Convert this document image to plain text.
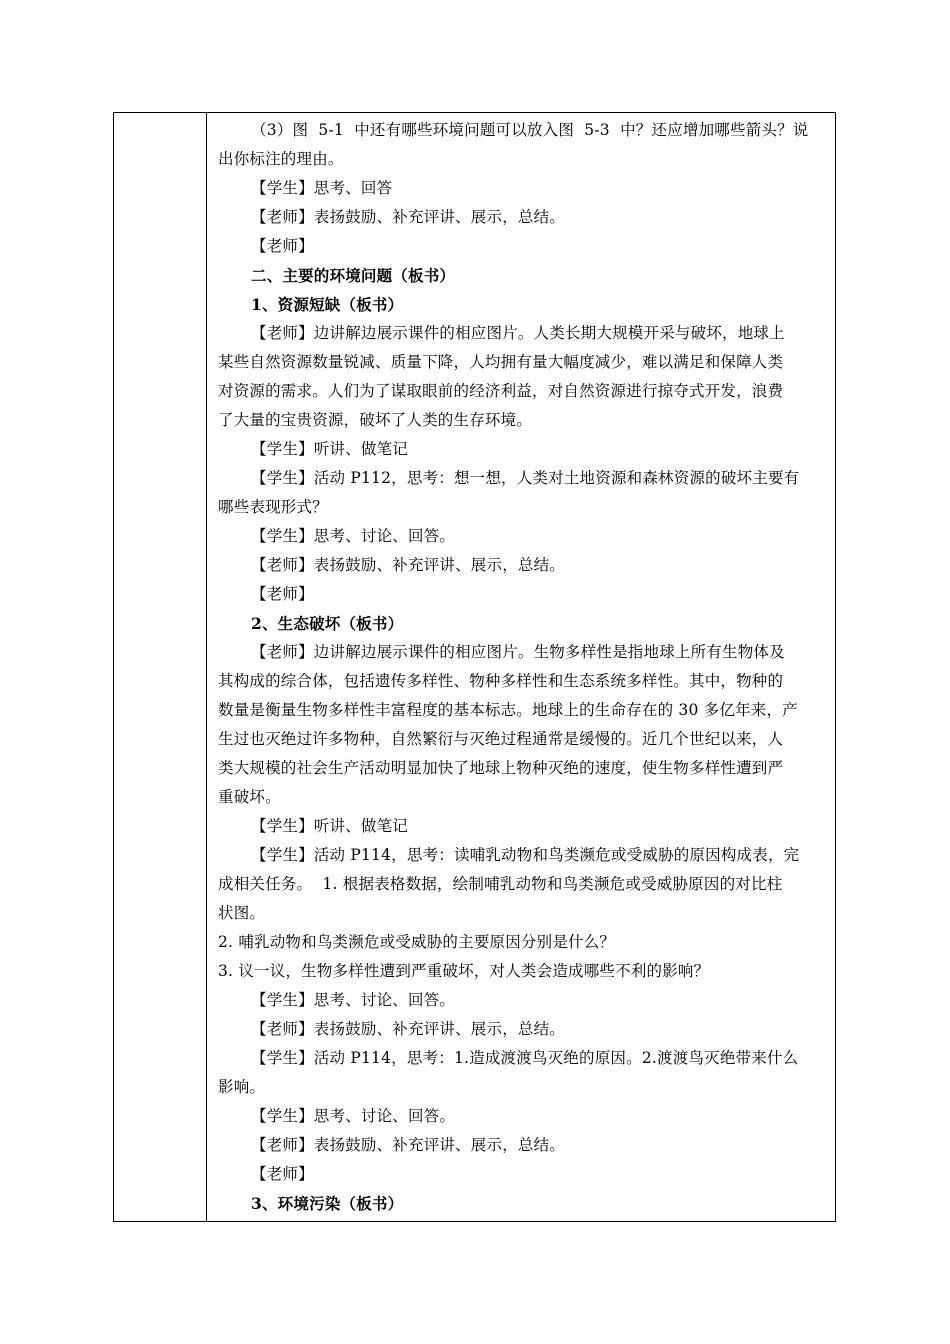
（3）图  5-1  中还有哪些环境问题可以放入图  5-3  中？还应增加哪些箭头？说

出你标注的理由。

【学生】思考、回答

【老师】表扬鼓励、补充评讲、展示，总结。

【老师】

二、主要的环境问题（板书）

1、资源短缺（板书）

【老师】边讲解边展示课件的相应图片。人类长期大规模开采与破坏，地球上

某些自然资源数量锐减、质量下降，人均拥有量大幅度减少，难以满足和保障人类

对资源的需求。人们为了谋取眼前的经济利益，对自然资源进行掠夺式开发，浪费

了大量的宝贵资源，破坏了人类的生存环境。

【学生】听讲、做笔记

【学生】活动 P112，思考：想一想，人类对土地资源和森林资源的破坏主要有

哪些表现形式？

【学生】思考、讨论、回答。

【老师】表扬鼓励、补充评讲、展示，总结。

【老师】

2、生态破坏（板书）

【老师】边讲解边展示课件的相应图片。生物多样性是指地球上所有生物体及

其构成的综合体，包括遗传多样性、物种多样性和生态系统多样性。其中，物种的

数量是衡量生物多样性丰富程度的基本标志。地球上的生命存在的 30 多亿年来，产

生过也灭绝过许多物种，自然繁衍与灭绝过程通常是缓慢的。近几个世纪以来，人

类大规模的社会生产活动明显加快了地球上物种灭绝的速度，使生物多样性遭到严

重破坏。

【学生】听讲、做笔记

【学生】活动 P114，思考：读哺乳动物和鸟类濒危或受威胁的原因构成表，完

成相关任务。  1. 根据表格数据，绘制哺乳动物和鸟类濒危或受威胁原因的对比柱

状图。

2. 哺乳动物和鸟类濒危或受威胁的主要原因分别是什么？

3. 议一议，生物多样性遭到严重破坏，对人类会造成哪些不利的影响？

【学生】思考、讨论、回答。

【老师】表扬鼓励、补充评讲、展示，总结。

【学生】活动 P114，思考：1.造成渡渡鸟灭绝的原因。2.渡渡鸟灭绝带来什么

影响。

【学生】思考、讨论、回答。

【老师】表扬鼓励、补充评讲、展示，总结。

【老师】

3、环境污染（板书）
